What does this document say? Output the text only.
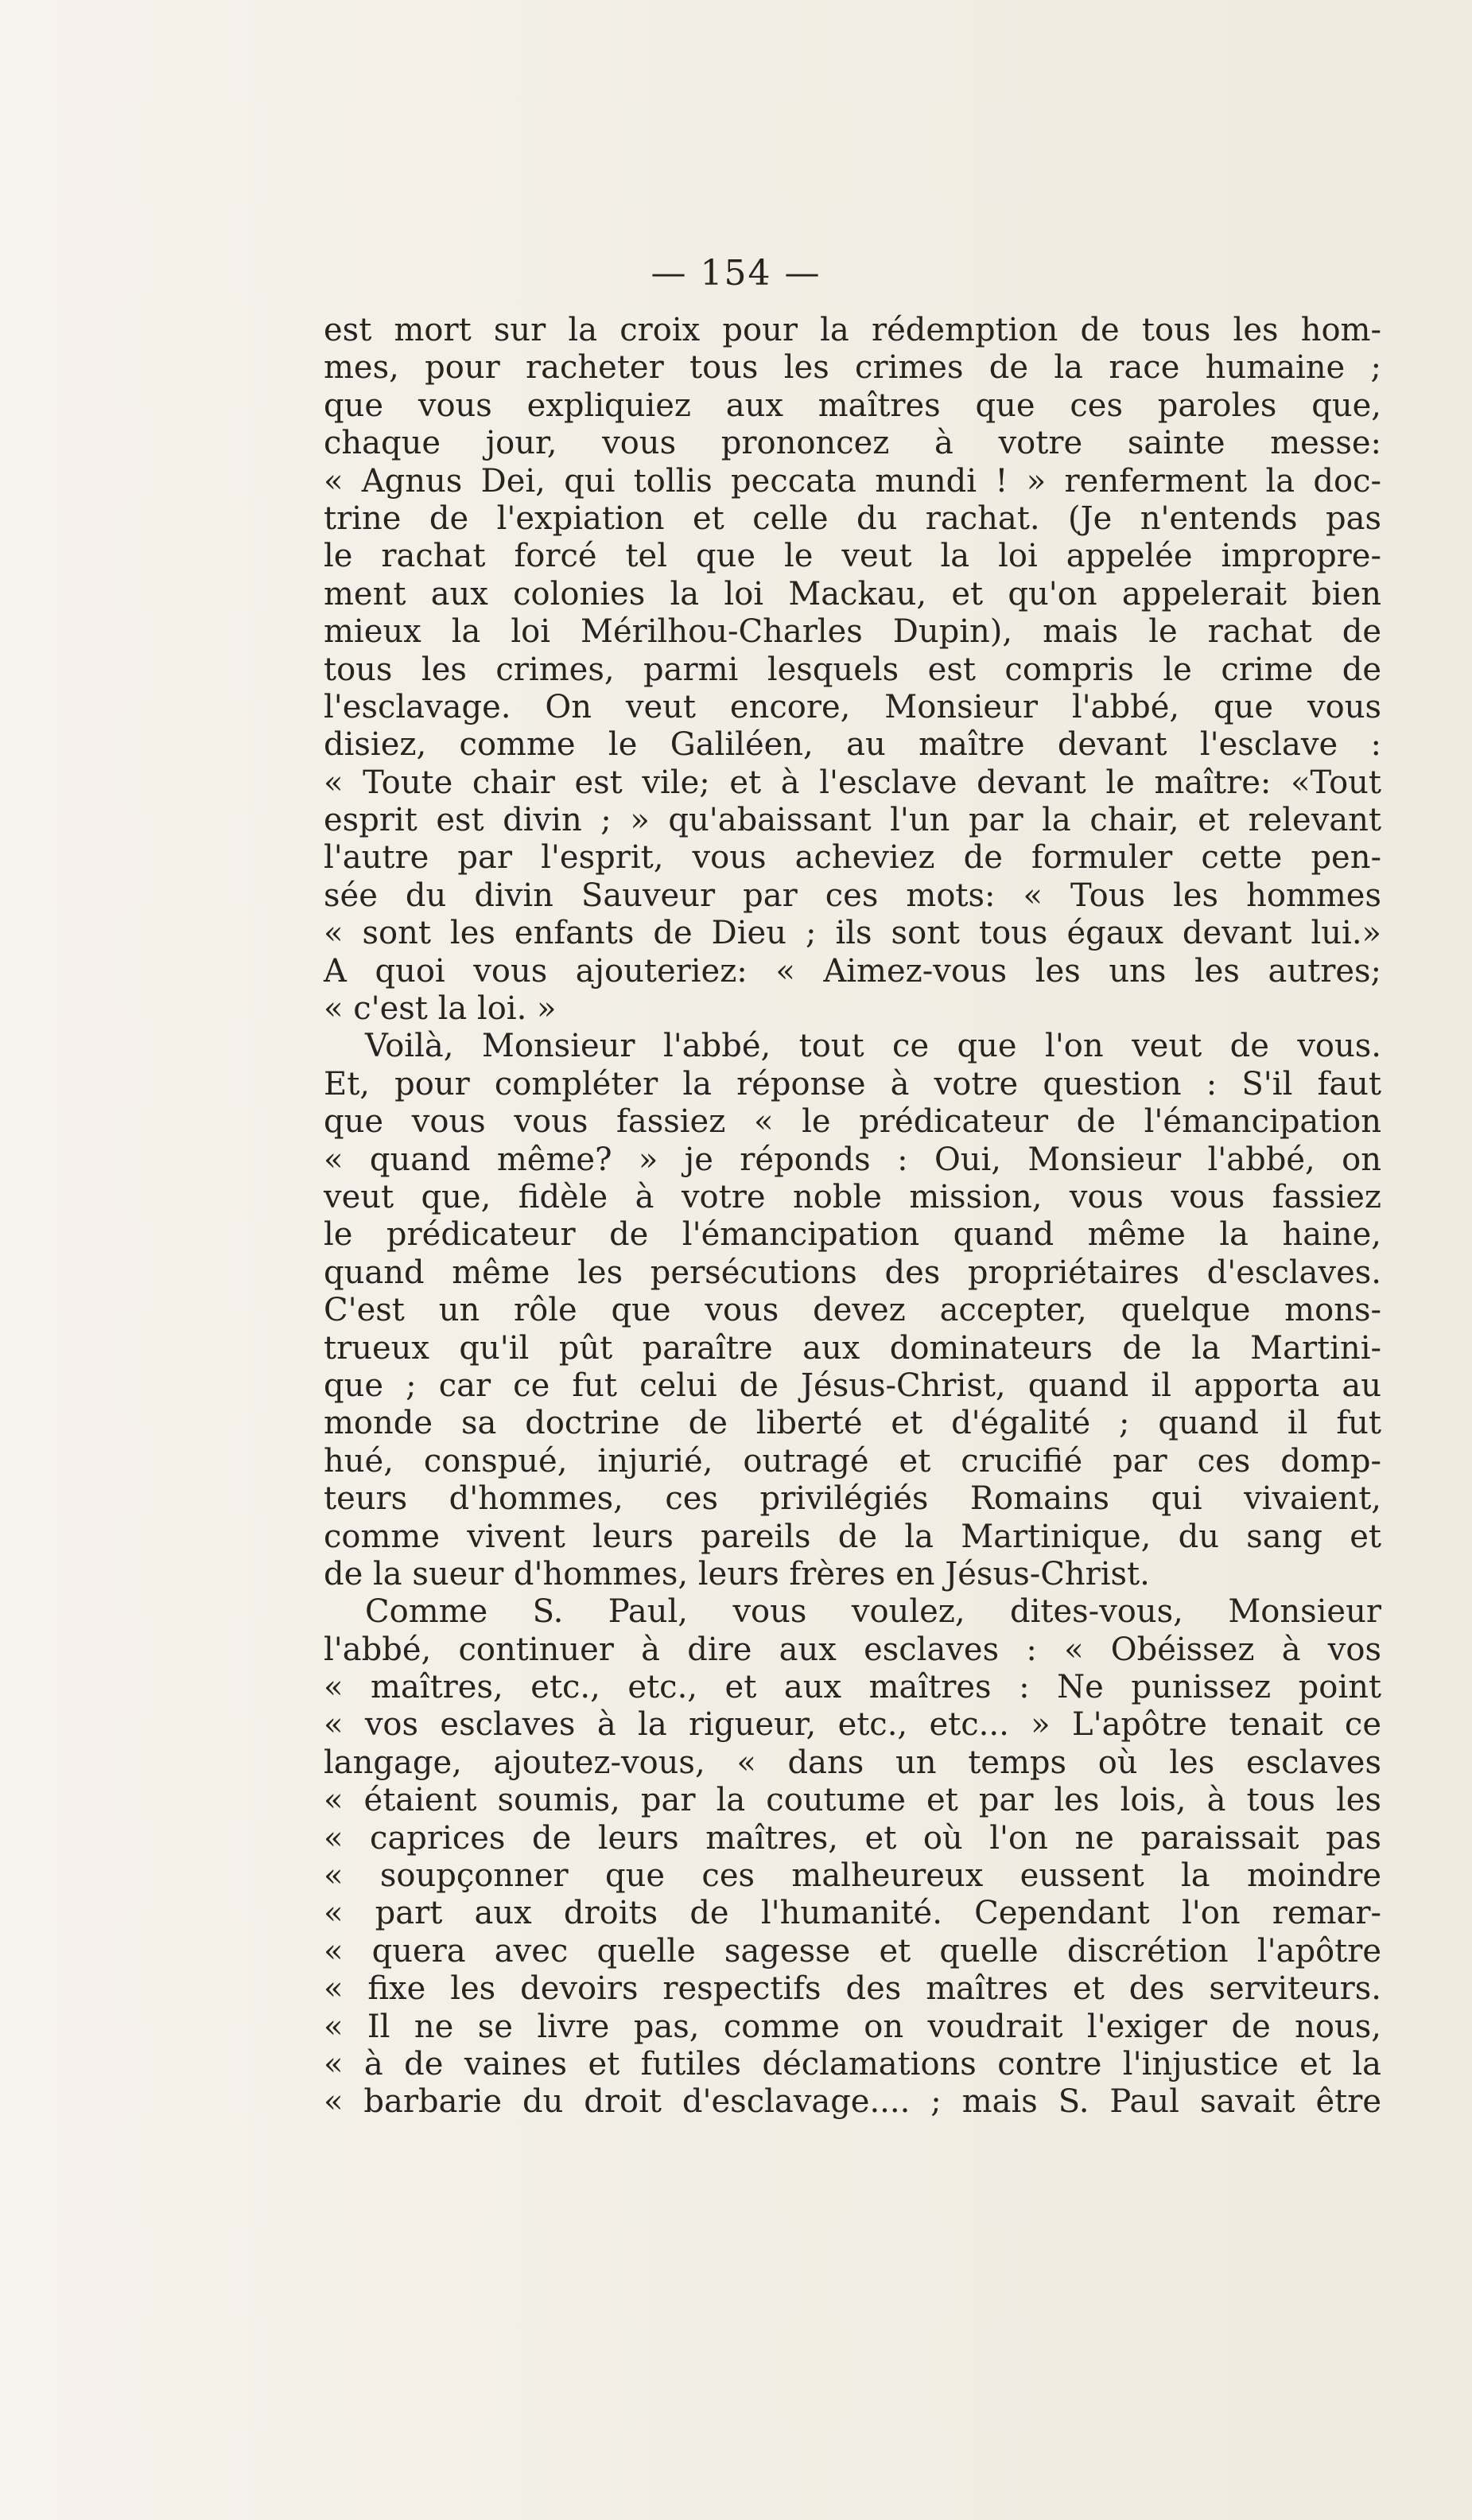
— 154 —
est mort sur la croix pour la rédemption de tous les hom-
mes, pour racheter tous les crimes de la race humaine ;
que vous expliquiez aux maîtres que ces paroles que,
chaque jour, vous prononcez à votre sainte messe:
« Agnus Dei, qui tollis peccata mundi ! » renferment la doc-
trine de l'expiation et celle du rachat. (Je n'entends pas
le rachat forcé tel que le veut la loi appelée impropre-
ment aux colonies la loi Mackau, et qu'on appelerait bien
mieux la loi Mérilhou-Charles Dupin), mais le rachat de
tous les crimes, parmi lesquels est compris le crime de
l'esclavage. On veut encore, Monsieur l'abbé, que vous
disiez, comme le Galiléen, au maître devant l'esclave :
« Toute chair est vile; et à l'esclave devant le maître: «Tout
esprit est divin ; » qu'abaissant l'un par la chair, et relevant
l'autre par l'esprit, vous acheviez de formuler cette pen-
sée du divin Sauveur par ces mots: « Tous les hommes
« sont les enfants de Dieu ; ils sont tous égaux devant lui.»
A quoi vous ajouteriez: « Aimez-vous les uns les autres;
« c'est la loi. »
Voilà, Monsieur l'abbé, tout ce que l'on veut de vous.
Et, pour compléter la réponse à votre question : S'il faut
que vous vous fassiez « le prédicateur de l'émancipation
« quand même? » je réponds : Oui, Monsieur l'abbé, on
veut que, fidèle à votre noble mission, vous vous fassiez
le prédicateur de l'émancipation quand même la haine,
quand même les persécutions des propriétaires d'esclaves.
C'est un rôle que vous devez accepter, quelque mons-
trueux qu'il pût paraître aux dominateurs de la Martini-
que ; car ce fut celui de Jésus-Christ, quand il apporta au
monde sa doctrine de liberté et d'égalité ; quand il fut
hué, conspué, injurié, outragé et crucifié par ces domp-
teurs d'hommes, ces privilégiés Romains qui vivaient,
comme vivent leurs pareils de la Martinique, du sang et
de la sueur d'hommes, leurs frères en Jésus-Christ.
Comme S. Paul, vous voulez, dites-vous, Monsieur
l'abbé, continuer à dire aux esclaves : « Obéissez à vos
« maîtres, etc., etc., et aux maîtres : Ne punissez point
« vos esclaves à la rigueur, etc., etc... » L'apôtre tenait ce
langage, ajoutez-vous, « dans un temps où les esclaves
« étaient soumis, par la coutume et par les lois, à tous les
« caprices de leurs maîtres, et où l'on ne paraissait pas
« soupçonner que ces malheureux eussent la moindre
« part aux droits de l'humanité. Cependant l'on remar-
« quera avec quelle sagesse et quelle discrétion l'apôtre
« fixe les devoirs respectifs des maîtres et des serviteurs.
« Il ne se livre pas, comme on voudrait l'exiger de nous,
« à de vaines et futiles déclamations contre l'injustice et la
« barbarie du droit d'esclavage.... ; mais S. Paul savait être
